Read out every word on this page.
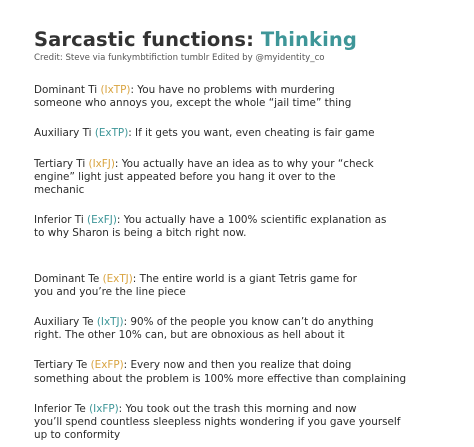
Sarcastic functions: Thinking
Credit: Steve via funkymbtifiction tumblr Edited by @myidentity_co
Dominant Ti (IxTP): You have no problems with murdering
someone who annoys you, except the whole “jail time” thing
Auxiliary Ti (ExTP): If it gets you want, even cheating is fair game
Tertiary Ti (IxFJ): You actually have an idea as to why your “check
engine” light just appeated before you hang it over to the
mechanic
Inferior Ti (ExFJ): You actually have a 100% scientific explanation as
to why Sharon is being a bitch right now.
Dominant Te (ExTJ): The entire world is a giant Tetris game for
you and you’re the line piece
Auxiliary Te (IxTJ): 90% of the people you know can’t do anything
right. The other 10% can, but are obnoxious as hell about it
Tertiary Te (ExFP): Every now and then you realize that doing
something about the problem is 100% more effective than complaining
Inferior Te (IxFP): You took out the trash this morning and now
you’ll spend countless sleepless nights wondering if you gave yourself
up to conformity
